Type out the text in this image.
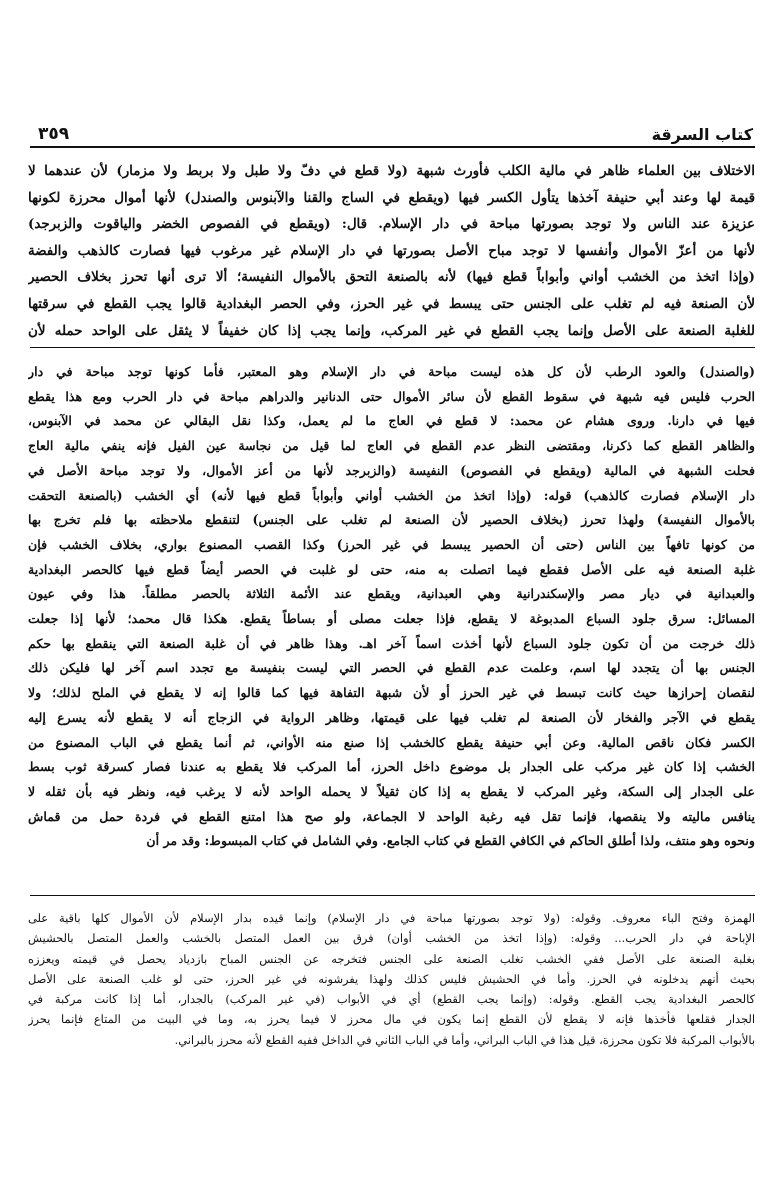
كتاب السرقة
٣٥٩
الاختلاف بين العلماء ظاهر في مالية الكلب فأورث شبهة (ولا قطع في دفّ ولا طبل ولا بربط ولا مزمار) لأن عندهما لا
قيمة لها وعند أبي حنيفة آخذها يتأول الكسر فيها (ويقطع في الساج والقنا والآبنوس والصندل) لأنها أموال محرزة لكونها
عزيزة عند الناس ولا توجد بصورتها مباحة في دار الإسلام. قال: (ويقطع في الفصوص الخضر والياقوت والزبرجد)
لأنها من أعزّ الأموال وأنفسها لا توجد مباح الأصل بصورتها في دار الإسلام غير مرغوب فيها فصارت كالذهب والفضة
(وإذا اتخذ من الخشب أواني وأبواباً قطع فيها) لأنه بالصنعة التحق بالأموال النفيسة؛ ألا ترى أنها تحرز بخلاف الحصير
لأن الصنعة فيه لم تغلب على الجنس حتى يبسط في غير الحرز، وفي الحصر البغدادية قالوا يجب القطع في سرقتها
للغلبة الصنعة على الأصل وإنما يجب القطع في غير المركب، وإنما يجب إذا كان خفيفاً لا يثقل على الواحد حمله لأن
(والصندل) والعود الرطب لأن كل هذه ليست مباحة في دار الإسلام وهو المعتبر، فأما كونها توجد مباحة في دار
الحرب فليس فيه شبهة في سقوط القطع لأن سائر الأموال حتى الدنانير والدراهم مباحة في دار الحرب ومع هذا يقطع
فيها في دارنا. وروى هشام عن محمد: لا قطع في العاج ما لم يعمل، وكذا نقل البقالي عن محمد في الآبنوس،
والظاهر القطع كما ذكرنا، ومقتضى النظر عدم القطع في العاج لما قيل من نجاسة عين الفيل فإنه ينفي مالية العاج
فحلت الشبهة في المالية (ويقطع في الفصوص) النفيسة (والزبرجد لأنها من أعز الأموال، ولا توجد مباحة الأصل في
دار الإسلام فصارت كالذهب) قوله: (وإذا اتخذ من الخشب أواني وأبواباً قطع فيها لأنه) أي الخشب (بالصنعة التحقت
بالأموال النفيسة) ولهذا تحرز (بخلاف الحصير لأن الصنعة لم تغلب على الجنس) لتنقطع ملاحظته بها فلم تخرج بها
من كونها تافهاً بين الناس (حتى أن الحصير يبسط في غير الحرز) وكذا القصب المصنوع بواري، بخلاف الخشب فإن
غلبة الصنعة فيه على الأصل فقطع فيما اتصلت به منه، حتى لو غلبت في الحصر أيضاً قطع فيها كالحصر البغدادية
والعبدانية في ديار مصر والإسكندرانية وهي العبدانية، ويقطع عند الأئمة الثلاثة بالحصر مطلقاً. هذا وفي عيون
المسائل: سرق جلود السباع المدبوغة لا يقطع، فإذا جعلت مصلى أو بساطاً يقطع. هكذا قال محمد؛ لأنها إذا جعلت
ذلك خرجت من أن تكون جلود السباع لأنها أخذت اسماً آخر اهـ. وهذا ظاهر في أن غلبة الصنعة التي ينقطع بها حكم
الجنس بها أن يتجدد لها اسم، وعلمت عدم القطع في الحصر التي ليست بنفيسة مع تجدد اسم آخر لها فليكن ذلك
لنقصان إحرازها حيث كانت تبسط في غير الحرز أو لأن شبهة التفاهة فيها كما قالوا إنه لا يقطع في الملح لذلك؛ ولا
يقطع في الآجر والفخار لأن الصنعة لم تغلب فيها على قيمتها، وظاهر الرواية في الزجاج أنه لا يقطع لأنه يسرع إليه
الكسر فكان ناقص المالية. وعن أبي حنيفة يقطع كالخشب إذا صنع منه الأواني، ثم أنما يقطع في الباب المصنوع من
الخشب إذا كان غير مركب على الجدار بل موضوع داخل الحرز، أما المركب فلا يقطع به عندنا فصار كسرقة ثوب بسط
على الجدار إلى السكة، وغير المركب لا يقطع به إذا كان ثقيلاً لا يحمله الواحد لأنه لا يرغب فيه، ونظر فيه بأن ثقله لا
ينافس ماليته ولا ينقصها، فإنما تقل فيه رغبة الواحد لا الجماعة، ولو صح هذا امتنع القطع في فردة حمل من قماش
ونحوه وهو منتف، ولذا أطلق الحاكم في الكافي القطع في كتاب الجامع. وفي الشامل في كتاب المبسوط: وقد مر أن
الهمزة وفتح الباء معروف. وقوله: (ولا توجد بصورتها مباحة في دار الإسلام) وإنما قيده بدار الإسلام لأن الأموال كلها باقية على
الإباحة في دار الحرب... وقوله: (وإذا اتخذ من الخشب أوان) فرق بين العمل المتصل بالخشب والعمل المتصل بالحشيش
بغلبة الصنعة على الأصل ففي الخشب تغلب الصنعة على الجنس فتخرجه عن الجنس المباح بازدياد يحصل في قيمته ويعززه
بحيث أنهم يدخلونه في الحرز. وأما في الحشيش فليس كذلك ولهذا يفرشونه في غير الحرز، حتى لو غلب الصنعة على الأصل
كالحصر البغدادية يجب القطع. وقوله: (وإنما يجب القطع) أي في الأبواب (في غير المركب) بالجدار، أما إذا كانت مركبة في
الجدار فقلعها فأخذها فإنه لا يقطع لأن القطع إنما يكون في مال محرز لا فيما يحرز به، وما في البيت من المتاع فإنما يحرز
بالأبواب المركبة فلا تكون محرزة، قيل هذا في الباب البراني، وأما في الباب الثاني في الداخل ففيه القطع لأنه محرز بالبراني.
